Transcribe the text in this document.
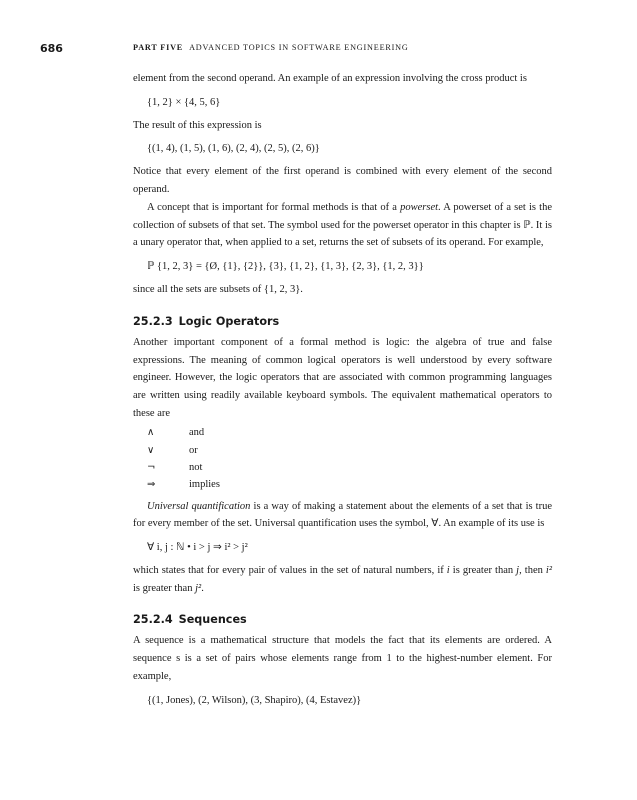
686	PART FIVE ADVANCED TOPICS IN SOFTWARE ENGINEERING

element from the second operand. An example of an expression involving the cross product is

{1, 2} × {4, 5, 6}

The result of this expression is

{(1, 4), (1, 5), (1, 6), (2, 4), (2, 5), (2, 6)}

Notice that every element of the first operand is combined with every element of the second operand.

A concept that is important for formal methods is that of a powerset. A powerset of a set is the collection of subsets of that set. The symbol used for the powerset operator in this chapter is ℙ. It is a unary operator that, when applied to a set, returns the set of subsets of its operand. For example,

ℙ {1, 2, 3} = {Ø, {1}, {2}}, {3}, {1, 2}, {1, 3}, {2, 3}, {1, 2, 3}}

since all the sets are subsets of {1, 2, 3}.

25.2.3 Logic Operators

Another important component of a formal method is logic: the algebra of true and false expressions. The meaning of common logical operators is well understood by every software engineer. However, the logic operators that are associated with common programming languages are written using readily available keyboard symbols. The equivalent mathematical operators to these are

∧	and
∨	or
¬	not
⇒	implies

Universal quantification is a way of making a statement about the elements of a set that is true for every member of the set. Universal quantification uses the symbol, ∀. An example of its use is

∀ i, j : ℕ • i > j ⇒ i² > j²

which states that for every pair of values in the set of natural numbers, if i is greater than j, then i² is greater than j².

25.2.4 Sequences

A sequence is a mathematical structure that models the fact that its elements are ordered. A sequence s is a set of pairs whose elements range from 1 to the highest-number element. For example,

{(1, Jones), (2, Wilson), (3, Shapiro), (4, Estavez)}
